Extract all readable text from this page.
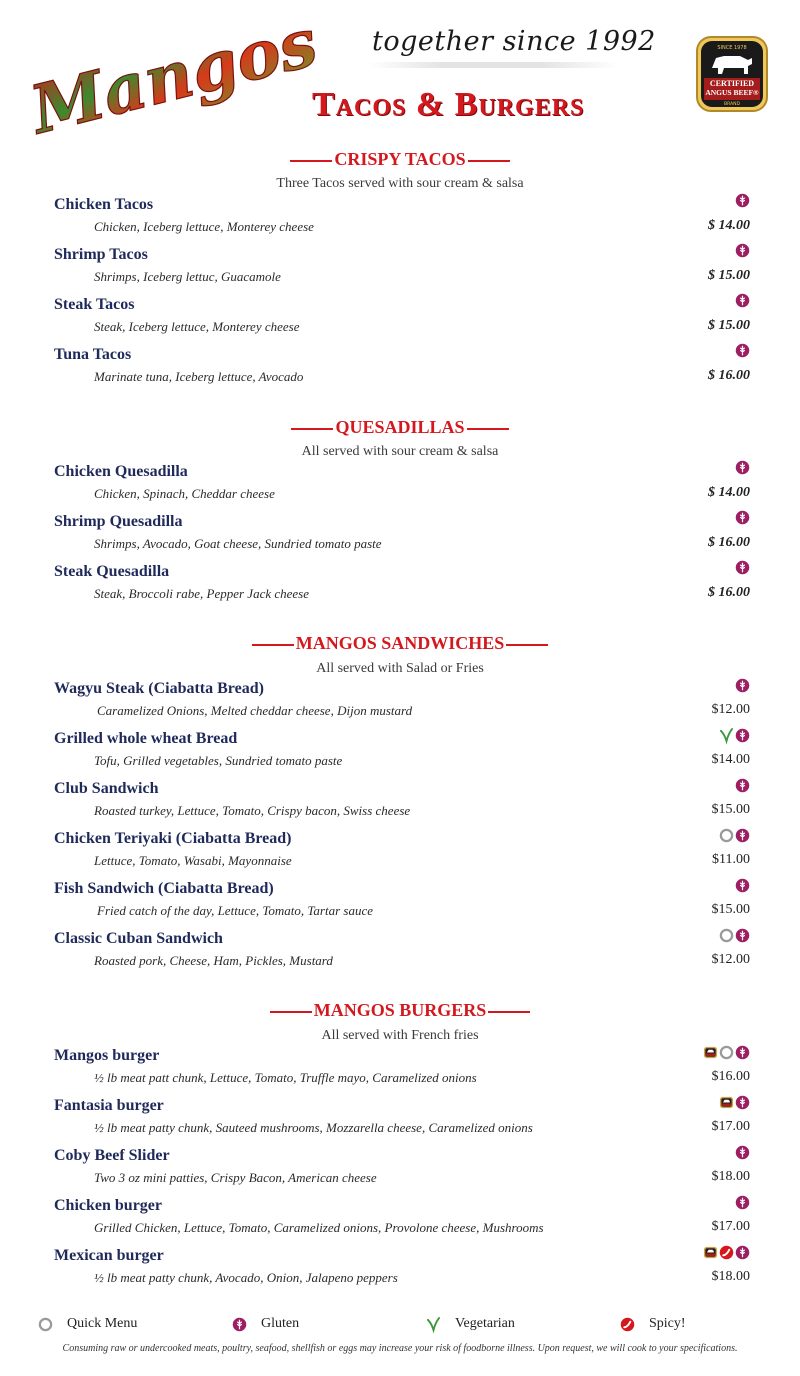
Mangos together since 1992
Tacos & Burgers
SINCE 1978
CERTIFIED
ANGUS BEEF®
BRAND
CRISPY TACOS
Three Tacos served with sour cream & salsa
Chicken Tacos
Chicken, Iceberg lettuce, Monterey cheese	$ 14.00
Shrimp Tacos
Shrimps, Iceberg lettuc, Guacamole	$ 15.00
Steak Tacos
Steak, Iceberg lettuce, Monterey cheese	$ 15.00
Tuna Tacos
Marinate tuna, Iceberg lettuce, Avocado	$ 16.00
QUESADILLAS
All served with sour cream & salsa
Chicken Quesadilla
Chicken, Spinach, Cheddar cheese	$ 14.00
Shrimp Quesadilla
Shrimps, Avocado, Goat cheese, Sundried tomato paste	$ 16.00
Steak Quesadilla
Steak, Broccoli rabe, Pepper Jack cheese	$ 16.00
MANGOS SANDWICHES
All served with Salad or Fries
Wagyu Steak (Ciabatta Bread)
Caramelized Onions, Melted cheddar cheese, Dijon mustard	$12.00
Grilled whole wheat Bread
Tofu, Grilled vegetables, Sundried tomato paste	$14.00
Club Sandwich
Roasted turkey, Lettuce, Tomato, Crispy bacon, Swiss cheese	$15.00
Chicken Teriyaki (Ciabatta Bread)
Lettuce, Tomato, Wasabi, Mayonnaise	$11.00
Fish Sandwich (Ciabatta Bread)
Fried catch of the day, Lettuce, Tomato, Tartar sauce	$15.00
Classic Cuban Sandwich
Roasted pork, Cheese, Ham, Pickles, Mustard	$12.00
MANGOS BURGERS
All served with French fries
Mangos burger
½ lb meat patt chunk, Lettuce, Tomato, Truffle mayo, Caramelized onions	$16.00
Fantasia burger
½ lb meat patty chunk, Sauteed mushrooms, Mozzarella cheese, Caramelized onions	$17.00
Coby Beef Slider
Two 3 oz mini patties, Crispy Bacon, American cheese	$18.00
Chicken burger
Grilled Chicken, Lettuce, Tomato, Caramelized onions, Provolone cheese, Mushrooms	$17.00
Mexican burger
½ lb meat patty chunk, Avocado, Onion, Jalapeno peppers	$18.00
Quick Menu	Gluten	Vegetarian	Spicy!
Consuming raw or undercooked meats, poultry, seafood, shellfish or eggs may increase your risk of foodborne illness. Upon request, we will cook to your specifications.
